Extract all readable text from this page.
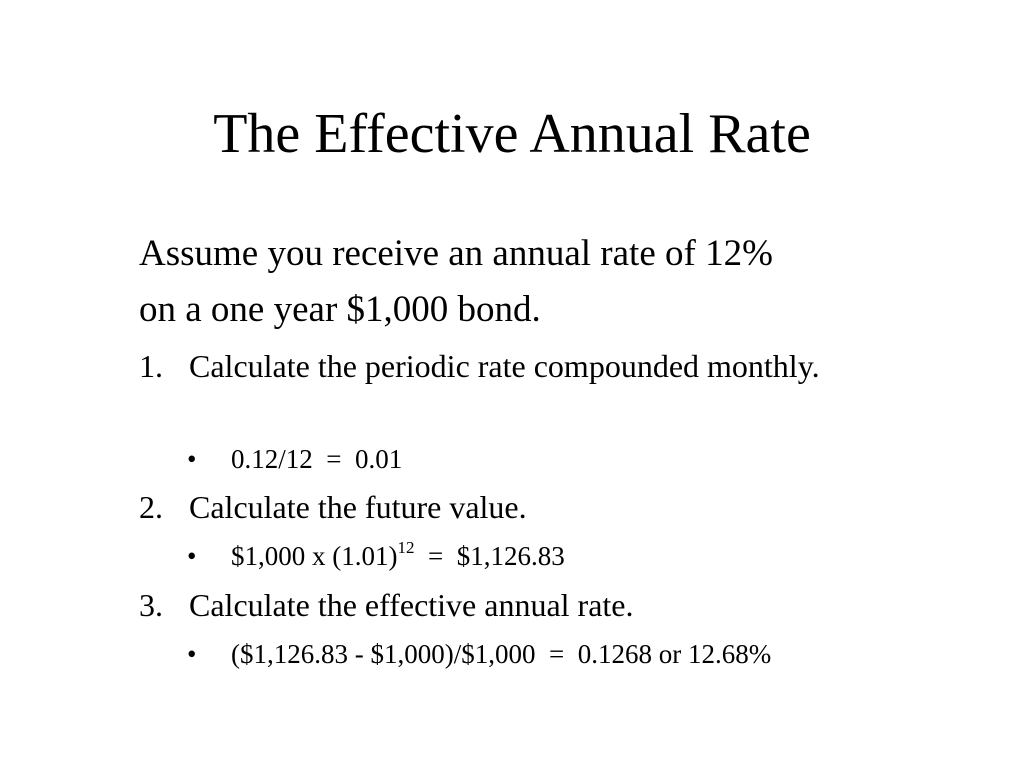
The Effective Annual Rate
Assume you receive an annual rate of 12%
on a one year $1,000 bond.
1. Calculate the periodic rate compounded monthly.
• 0.12/12  =  0.01
2. Calculate the future value.
• $1,000 x $(1.01)^{12}$  =  $1,126.83
3. Calculate the effective annual rate.
• ($1,126.83 - $1,000)/$1,000  =  0.1268 or 12.68%
